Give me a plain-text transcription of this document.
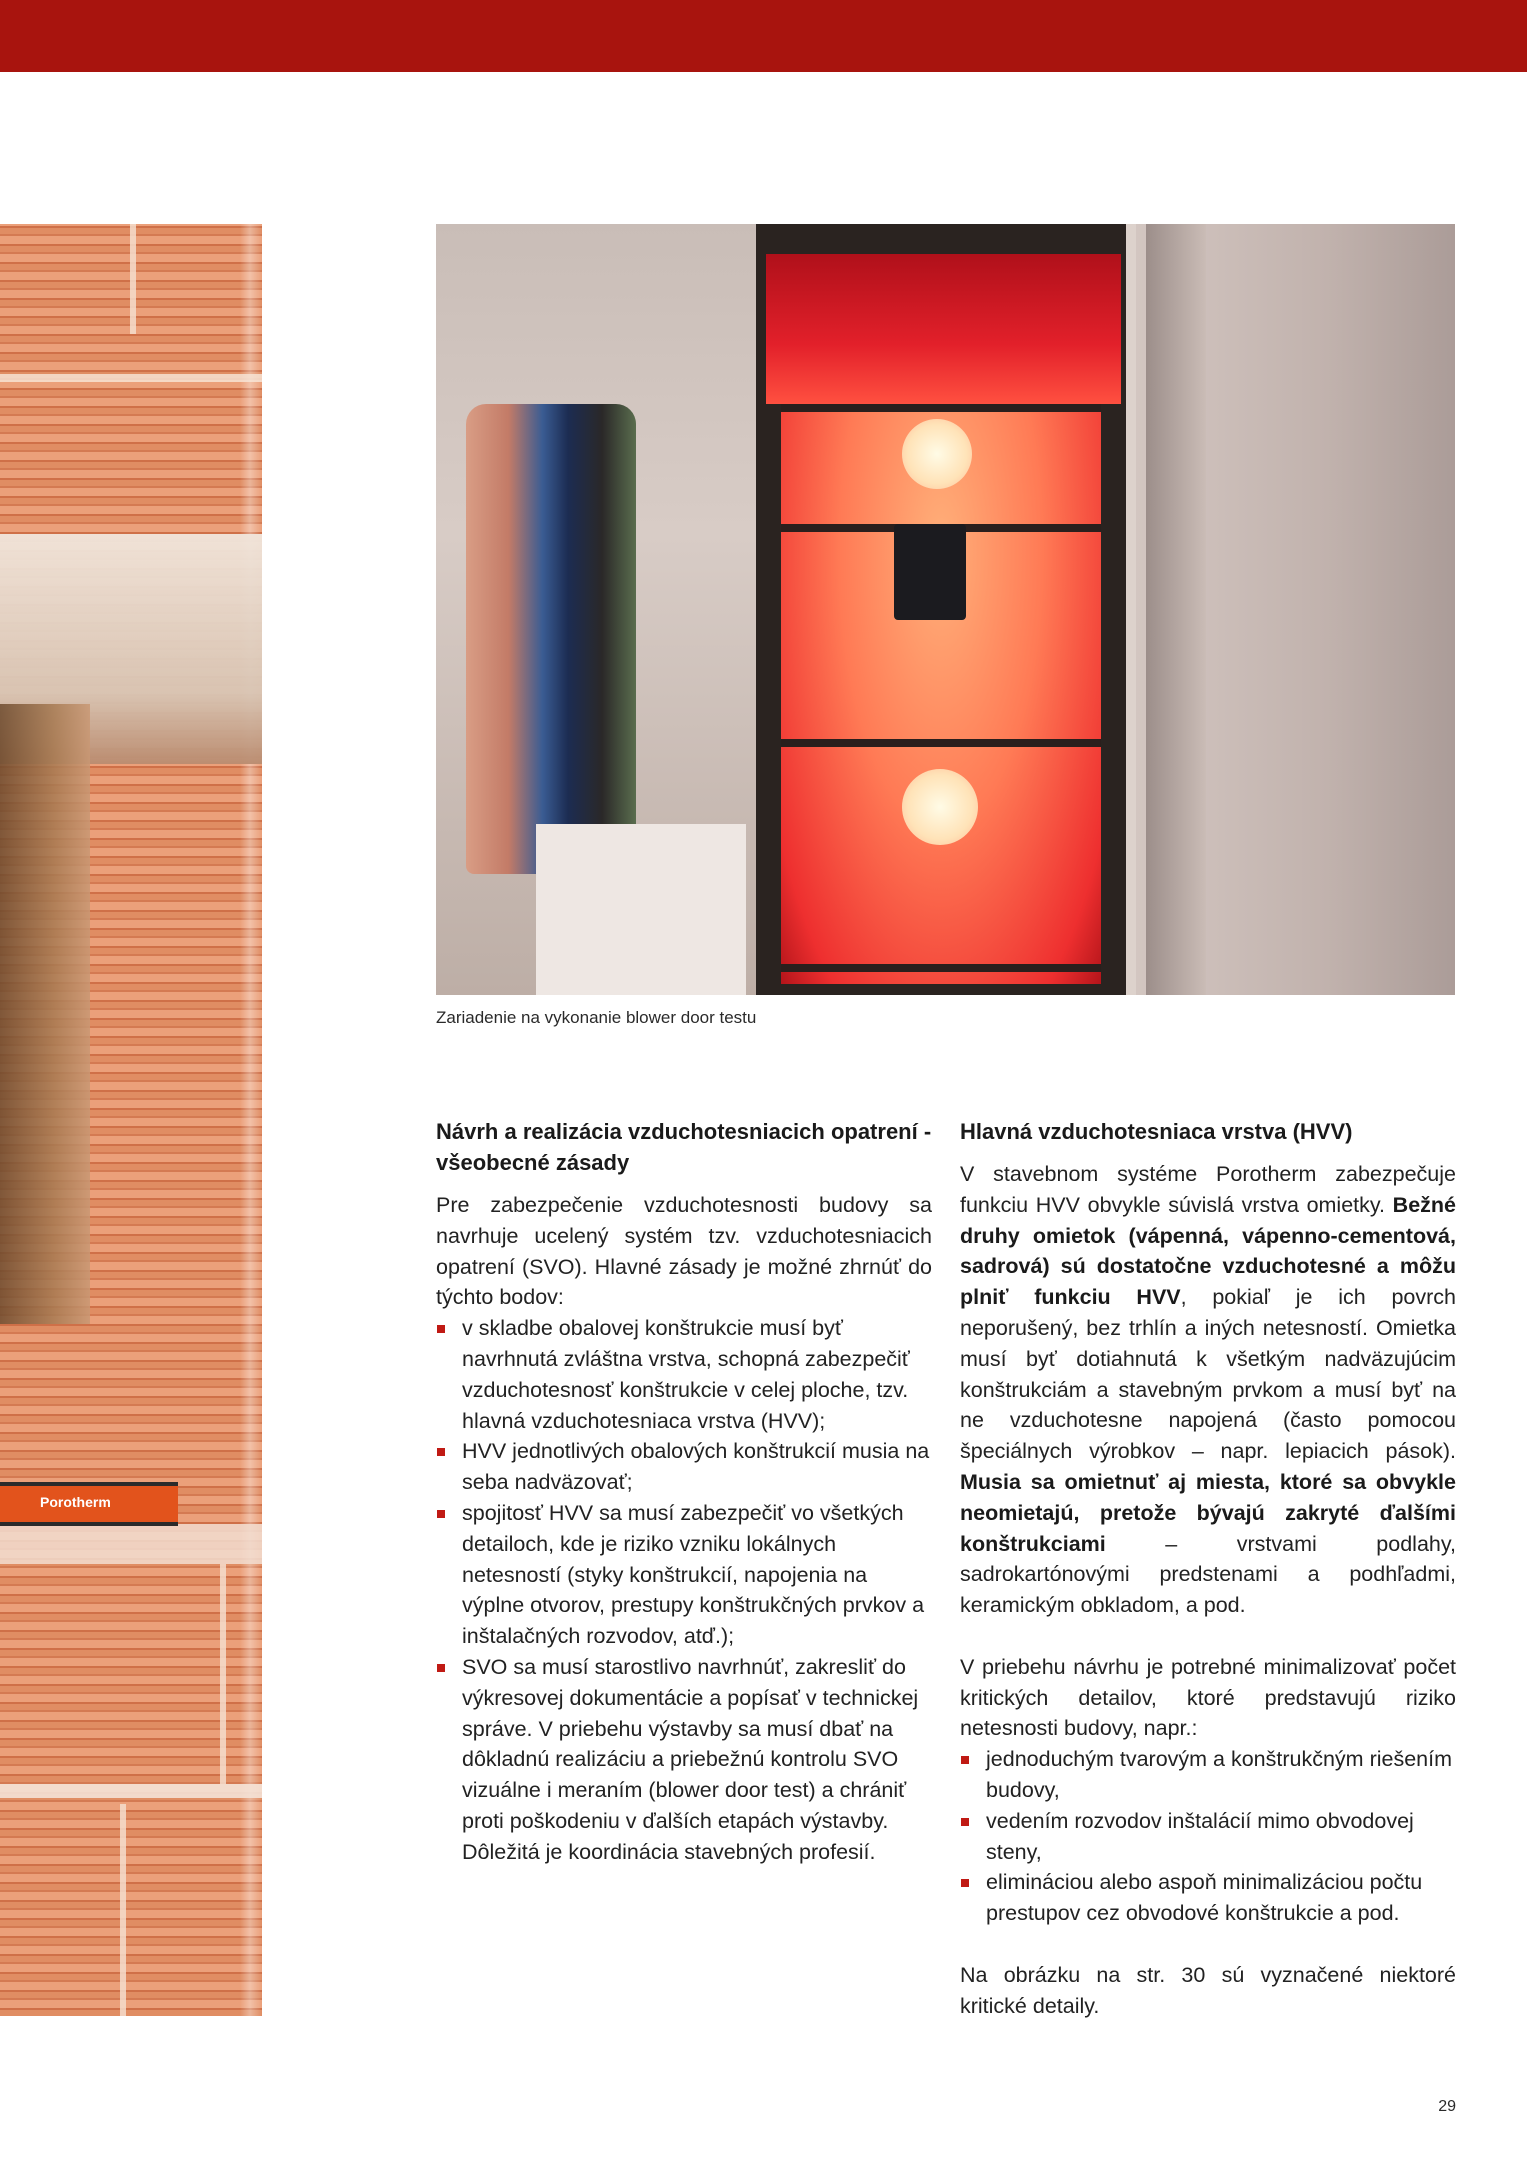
Porotherm
Zariadenie na vykonanie blower door testu
Návrh a realizácia vzduchotesniacich opatrení - všeobecné zásady

Pre zabezpečenie vzduchotesnosti budovy sa navrhuje ucelený systém tzv. vzduchotesniacich opatrení (SVO). Hlavné zásady je možné zhrnúť do týchto bodov:

v skladbe obalovej konštrukcie musí byť navrhnutá zvláštna vrstva, schopná zabezpečiť vzduchotesnosť konštrukcie v celej ploche, tzv. hlavná vzduchotesniaca vrstva (HVV);
HVV jednotlivých obalových konštrukcií musia na seba nadväzovať;
spojitosť HVV sa musí zabezpečiť vo všetkých detailoch, kde je riziko vzniku lokálnych netesností (styky konštrukcií, napojenia na výplne otvorov, prestupy konštrukčných prvkov a inštalačných rozvodov, atď.);
SVO sa musí starostlivo navrhnúť, zakresliť do výkresovej dokumentácie a popísať v technickej správe. V priebehu výstavby sa musí dbať na dôkladnú realizáciu a priebežnú kontrolu SVO vizuálne i meraním (blower door test) a chrániť proti poškodeniu v ďalších etapách výstavby. Dôležitá je koordinácia stavebných profesií.
Hlavná vzduchotesniaca vrstva (HVV)

V stavebnom systéme Porotherm zabezpečuje funkciu HVV obvykle súvislá vrstva omietky. Bežné druhy omietok (vápenná, vápenno-cementová, sadrová) sú dostatočne vzduchotesné a môžu plniť funkciu HVV, pokiaľ je ich povrch neporušený, bez trhlín a iných netesností. Omietka musí byť dotiahnutá k všetkým nadväzujúcim konštrukciám a stavebným prvkom a musí byť na ne vzduchotesne napojená (často pomocou špeciálnych výrobkov – napr. lepiacich pások). Musia sa omietnuť aj miesta, ktoré sa obvykle neomietajú, pretože bývajú zakryté ďalšími konštrukciami – vrstvami podlahy, sadrokartónovými predstenami a podhľadmi, keramickým obkladom, a pod.

V priebehu návrhu je potrebné minimalizovať počet kritických detailov, ktoré predstavujú riziko netesnosti budovy, napr.:

jednoduchým tvarovým a konštrukčným riešením budovy,
vedením rozvodov inštalácií mimo obvodovej steny,
elimináciou alebo aspoň minimalizáciou počtu prestupov cez obvodové konštrukcie a pod.

Na obrázku na str. 30 sú vyznačené niektoré kritické detaily.

29
